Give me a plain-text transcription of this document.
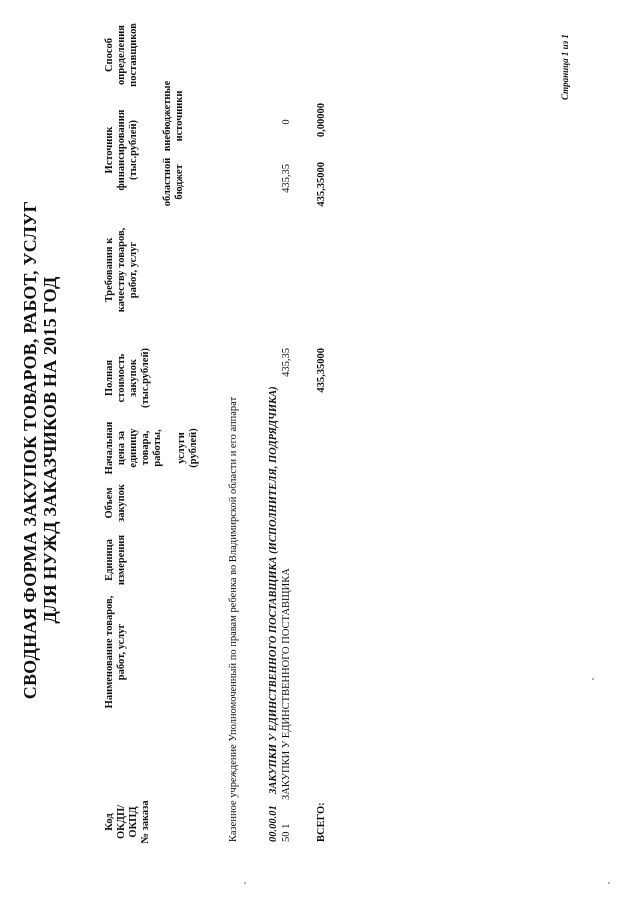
СВОДНАЯ ФОРМА ЗАКУПОК ТОВАРОВ, РАБОТ, УСЛУГ ДЛЯ НУЖД ЗАКАЗЧИКОВ НА 2015 ГОД
Страница 1 из 1
Код ОКДП/ ОКПД № заказа
Наименование товаров, работ, услуг
Единица измерения
Объем закупок
Начальная цена за единицу товара, работы, услуги (рублей)
Полная стоимость закупок (тыс.рублей)
Требования к качеству товаров, работ, услуг
Источник финансирования (тыс.рублей)
областной бюджет
внебюджетные источники
Способ определения поставщиков
Казенное учреждение Уполномоченный по правам ребенка во Владимирской области и его аппарат	00.00.01  ЗАКУПКИ У ЕДИНСТВЕННОГО ПОСТАВЩИКА (ИСПОЛНИТЕЛЯ, ПОДРЯДЧИКА)
50 1
ЗАКУПКИ У ЕДИНСТВЕННОГО ПОСТАВЩИКА
435,35
435,35
0
ВСЕГО:
435,35000
435,35000
0,00000
